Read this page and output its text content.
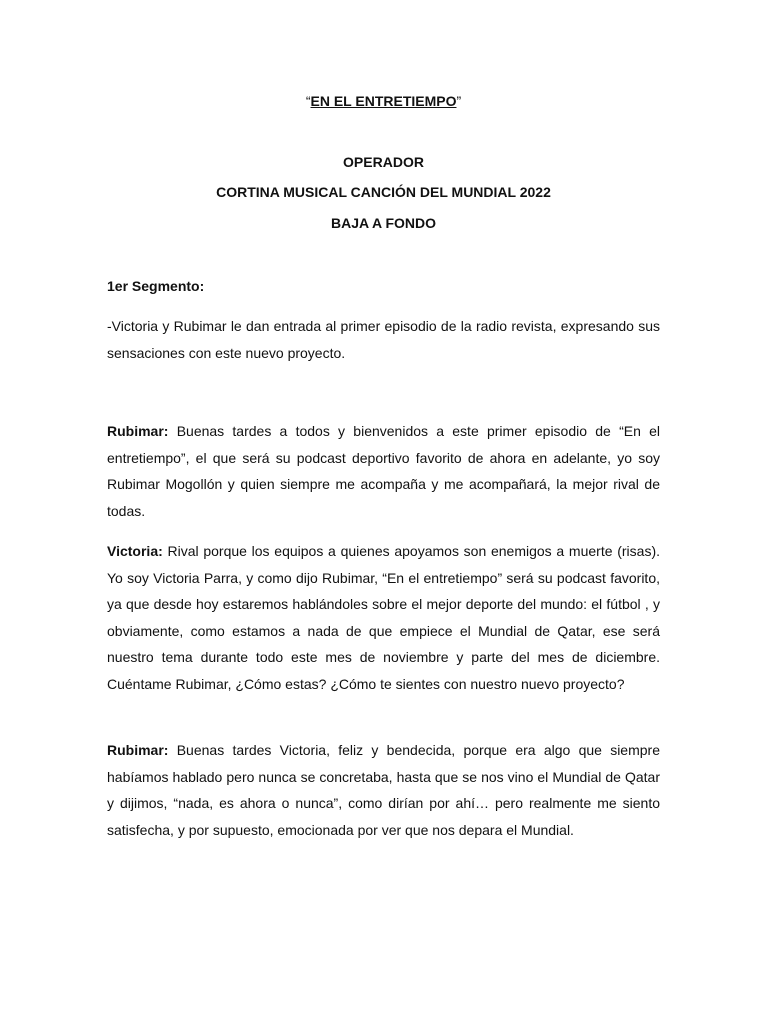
“EN EL ENTRETIEMPO”
OPERADOR
CORTINA MUSICAL CANCIÓN DEL MUNDIAL 2022
BAJA A FONDO
1er Segmento:
-Victoria y Rubimar le dan entrada al primer episodio de la radio revista, expresando sus sensaciones con este nuevo proyecto.
Rubimar: Buenas tardes a todos y bienvenidos a este primer episodio de “En el entretiempo”, el que será su podcast deportivo favorito de ahora en adelante, yo soy Rubimar Mogollón y quien siempre me acompaña y me acompañará, la mejor rival de todas.
Victoria: Rival porque los equipos a quienes apoyamos son enemigos a muerte (risas). Yo soy Victoria Parra, y como dijo Rubimar, “En el entretiempo” será su podcast favorito, ya que desde hoy estaremos hablándoles sobre el mejor deporte del mundo: el fútbol , y obviamente, como estamos a nada de que empiece el Mundial de Qatar, ese será nuestro tema durante todo este mes de noviembre y parte del mes de diciembre. Cuéntame Rubimar, ¿Cómo estas? ¿Cómo te sientes con nuestro nuevo proyecto?
Rubimar: Buenas tardes Victoria, feliz y bendecida, porque era algo que siempre habíamos hablado pero nunca se concretaba, hasta que se nos vino el Mundial de Qatar y dijimos, “nada, es ahora o nunca”, como dirían por ahí… pero realmente me siento satisfecha, y por supuesto, emocionada por ver que nos depara el Mundial.
